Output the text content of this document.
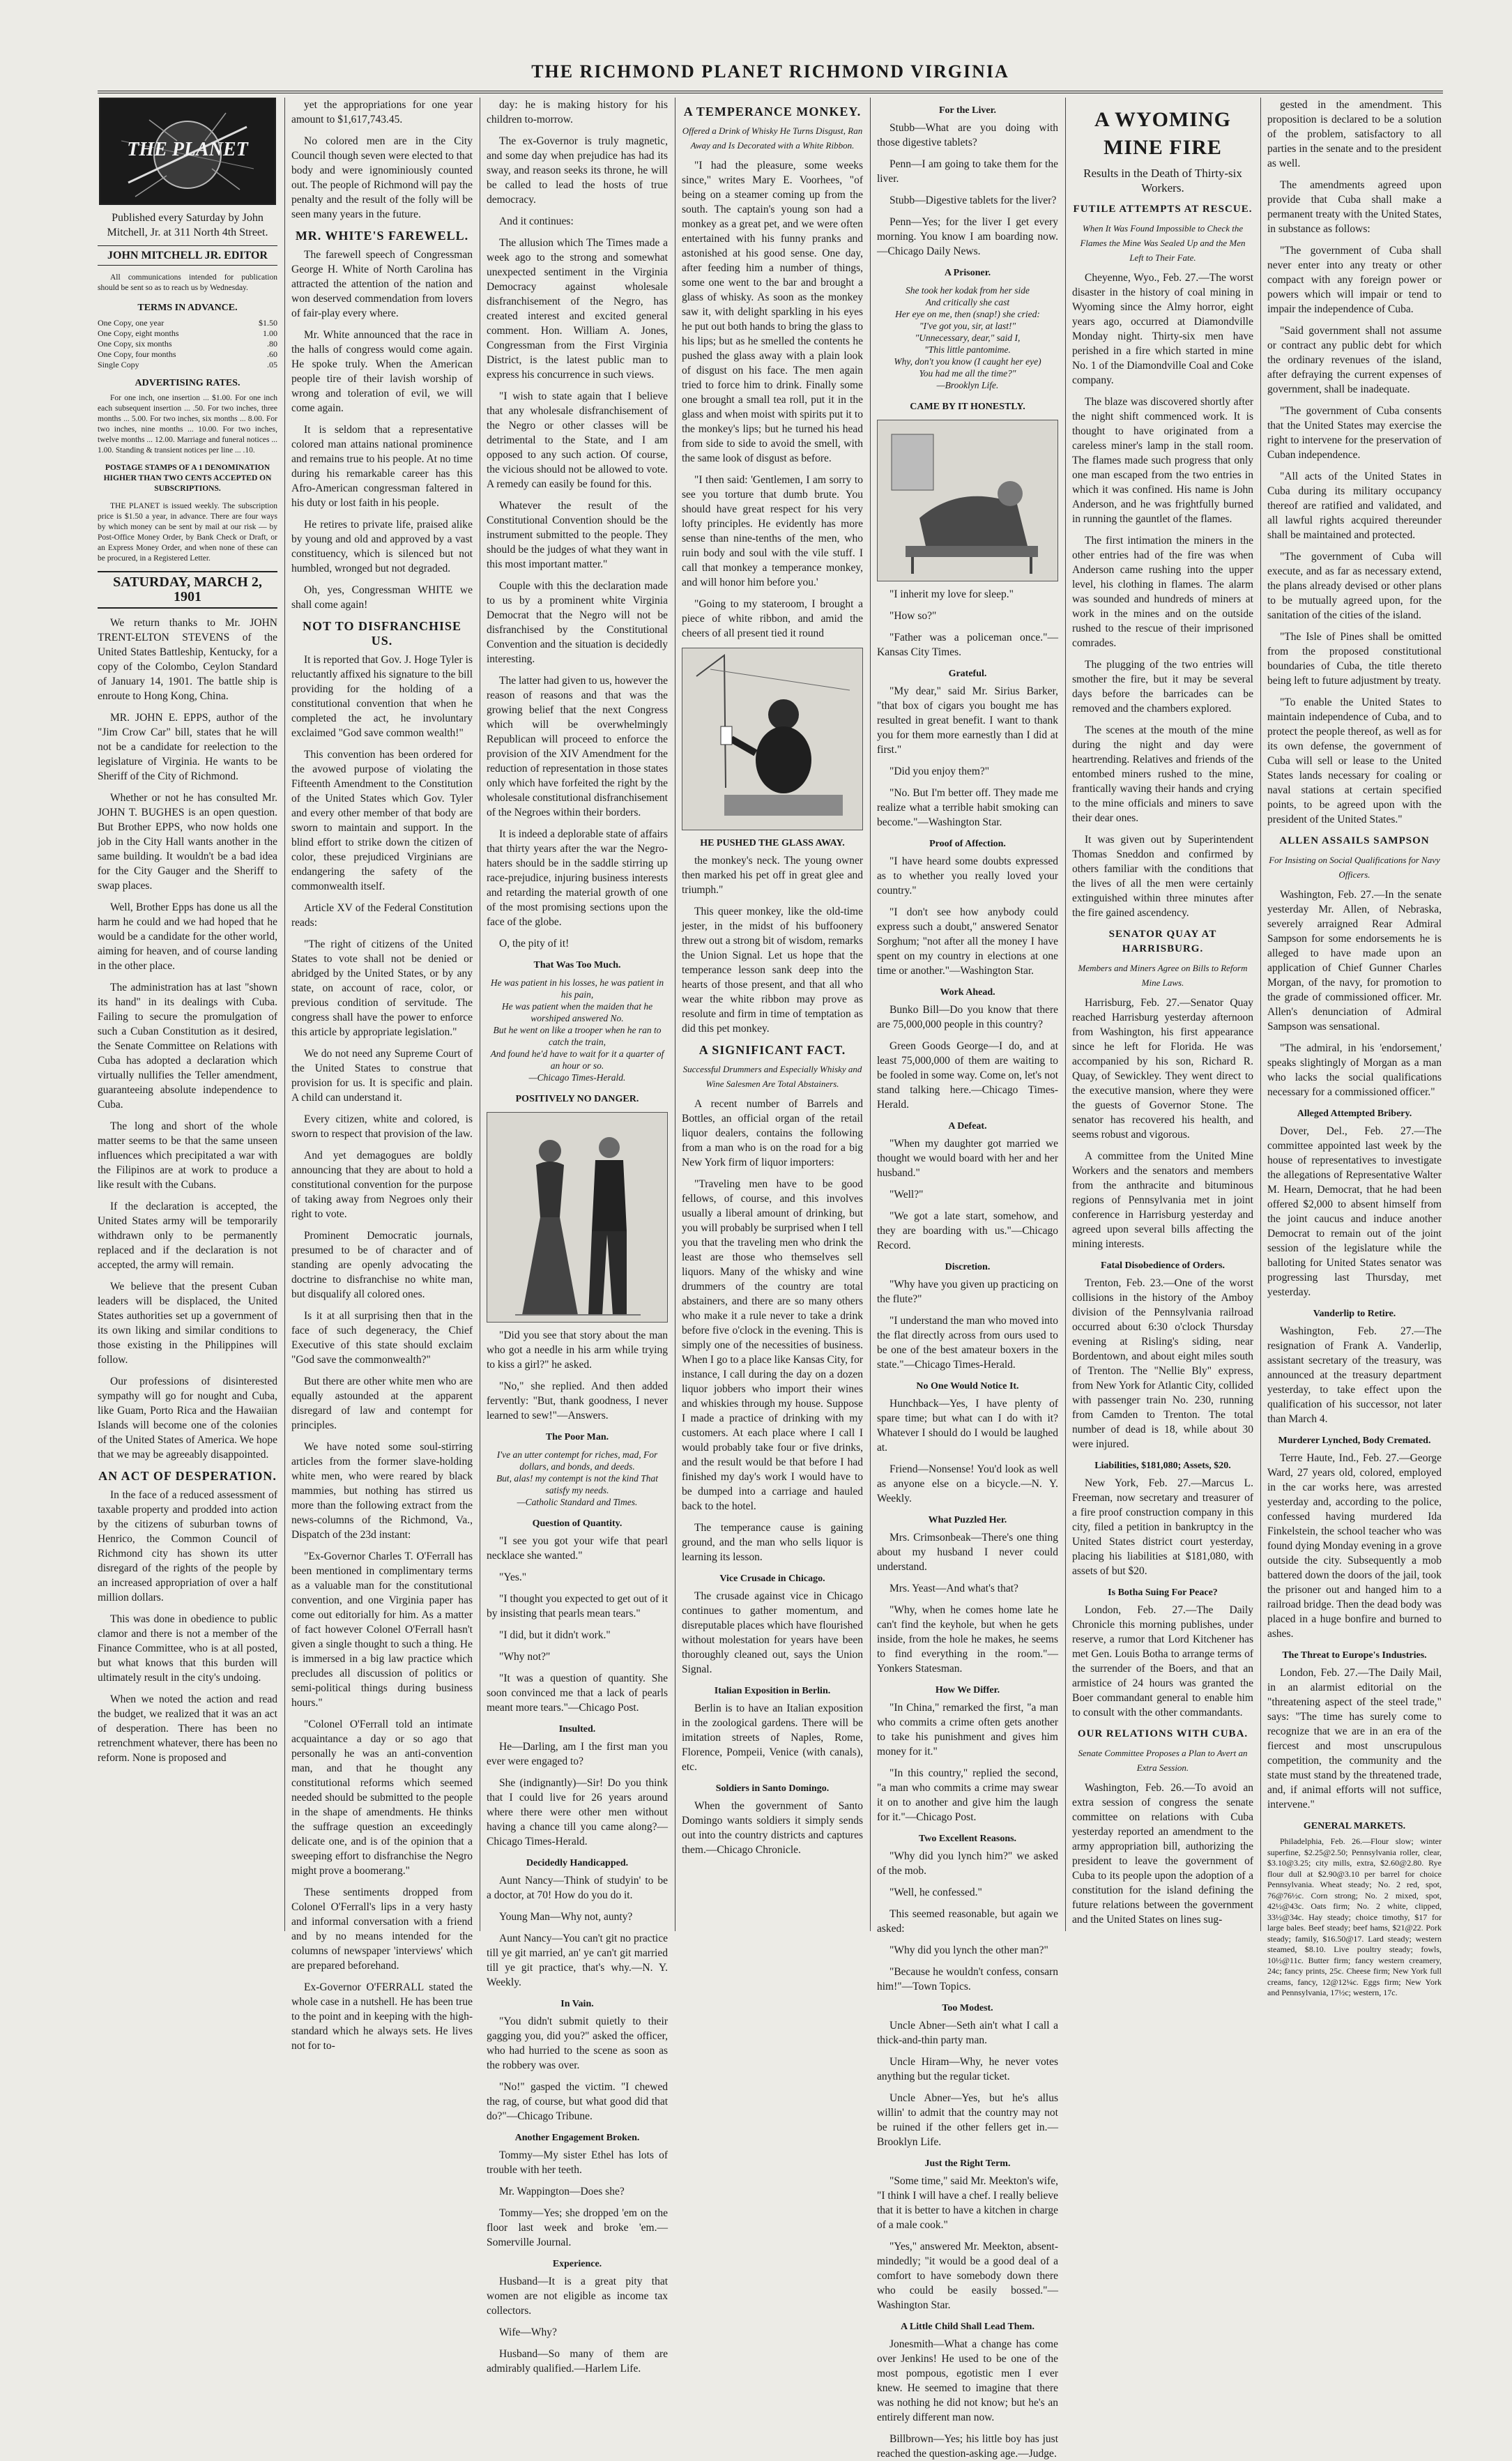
THE RICHMOND PLANET RICHMOND VIRGINIA
THE PLANET
Published every Saturday by John Mitchell, Jr. at 311 North 4th Street.
JOHN MITCHELL JR. EDITOR

All communications intended for publication should be sent so as to reach us by Wednesday.

TERMS IN ADVANCE.
One Copy, one year	$1.50
One Copy, eight months	1.00
One Copy, six months	.80
One Copy, four months	.60
Single Copy	.05
ADVERTISING RATES.

For one inch, one insertion ... $1.00. For one inch each subsequent insertion ... .50. For two inches, three months ... 5.00. For two inches, six months ... 8.00. For two inches, nine months ... 10.00. For two inches, twelve months ... 12.00. Marriage and funeral notices ... 1.00. Standing & transient notices per line ... .10.

POSTAGE STAMPS OF A 1 DENOMINATION HIGHER THAN TWO CENTS ACCEPTED ON SUBSCRIPTIONS.

THE PLANET is issued weekly. The subscription price is $1.50 a year, in advance. There are four ways by which money can be sent by mail at our risk — by Post-Office Money Order, by Bank Check or Draft, or an Express Money Order, and when none of these can be procured, in a Registered Letter.

SATURDAY, MARCH 2, 1901

We return thanks to Mr. JOHN TRENT-ELTON STEVENS of the United States Battleship, Kentucky, for a copy of the Colombo, Ceylon Standard of January 14, 1901. The battle ship is enroute to Hong Kong, China.

MR. JOHN E. EPPS, author of the "Jim Crow Car" bill, states that he will not be a candidate for reelection to the legislature of Virginia. He wants to be Sheriff of the City of Richmond.

Whether or not he has consulted Mr. JOHN T. BUGHES is an open question. But Brother EPPS, who now holds one job in the City Hall wants another in the same building. It wouldn't be a bad idea for the City Gauger and the Sheriff to swap places.

Well, Brother Epps has done us all the harm he could and we had hoped that he would be a candidate for the other world, aiming for heaven, and of course landing in the other place.

The administration has at last "shown its hand" in its dealings with Cuba. Failing to secure the promulgation of such a Cuban Constitution as it desired, the Senate Committee on Relations with Cuba has adopted a declaration which virtually nullifies the Teller amendment, guaranteeing absolute independence to Cuba.

The long and short of the whole matter seems to be that the same unseen influences which precipitated a war with the Filipinos are at work to produce a like result with the Cubans.

If the declaration is accepted, the United States army will be temporarily withdrawn only to be permanently replaced and if the declaration is not accepted, the army will remain.

We believe that the present Cuban leaders will be displaced, the United States authorities set up a government of its own liking and similar conditions to those existing in the Philippines will follow.

Our professions of disinterested sympathy will go for nought and Cuba, like Guam, Porto Rica and the Hawaiian Islands will become one of the colonies of the United States of America. We hope that we may be agreeably disappointed.

AN ACT OF DESPERATION.

In the face of a reduced assessment of taxable property and prodded into action by the citizens of suburban towns of Henrico, the Common Council of Richmond city has shown its utter disregard of the rights of the people by an increased appropriation of over a half million dollars.

This was done in obedience to public clamor and there is not a member of the Finance Committee, who is at all posted, but what knows that this burden will ultimately result in the city's undoing.

When we noted the action and read the budget, we realized that it was an act of desperation. There has been no retrenchment whatever, there has been no reform. None is proposed and

yet the appropriations for one year amount to $1,617,743.45.

No colored men are in the City Council though seven were elected to that body and were ignominiously counted out. The people of Richmond will pay the penalty and the result of the folly will be seen many years in the future.

MR. WHITE'S FAREWELL.

The farewell speech of Congressman George H. White of North Carolina has attracted the attention of the nation and won deserved commendation from lovers of fair-play every where.

Mr. White announced that the race in the halls of congress would come again. He spoke truly. When the American people tire of their lavish worship of wrong and toleration of evil, we will come again.

It is seldom that a representative colored man attains national prominence and remains true to his people. At no time during his remarkable career has this Afro-American congressman faltered in his duty or lost faith in his people.

He retires to private life, praised alike by young and old and approved by a vast constituency, which is silenced but not humbled, wronged but not degraded.

Oh, yes, Congressman WHITE we shall come again!

NOT TO DISFRANCHISE US.

It is reported that Gov. J. Hoge Tyler is reluctantly affixed his signature to the bill providing for the holding of a constitutional convention that when he completed the act, he involuntary exclaimed "God save common wealth!"

This convention has been ordered for the avowed purpose of violating the Fifteenth Amendment to the Constitution of the United States which Gov. Tyler and every other member of that body are sworn to maintain and support. In the blind effort to strike down the citizen of color, these prejudiced Virginians are endangering the safety of the commonwealth itself.

Article XV of the Federal Constitution reads:

"The right of citizens of the United States to vote shall not be denied or abridged by the United States, or by any state, on account of race, color, or previous condition of servitude. The congress shall have the power to enforce this article by appropriate legislation."

We do not need any Supreme Court of the United States to construe that provision for us. It is specific and plain. A child can understand it.

Every citizen, white and colored, is sworn to respect that provision of the law.

And yet demagogues are boldly announcing that they are about to hold a constitutional convention for the purpose of taking away from Negroes only their right to vote.

Prominent Democratic journals, presumed to be of character and of standing are openly advocating the doctrine to disfranchise no white man, but disqualify all colored ones.

Is it at all surprising then that in the face of such degeneracy, the Chief Executive of this state should exclaim "God save the commonwealth?"

But there are other white men who are equally astounded at the apparent disregard of law and contempt for principles.

We have noted some soul-stirring articles from the former slave-holding white men, who were reared by black mammies, but nothing has stirred us more than the following extract from the news-columns of the Richmond, Va., Dispatch of the 23d instant:

"Ex-Governor Charles T. O'Ferrall has been mentioned in complimentary terms as a valuable man for the constitutional convention, and one Virginia paper has come out editorially for him. As a matter of fact however Colonel O'Ferrall hasn't given a single thought to such a thing. He is immersed in a big law practice which precludes all discussion of politics or semi-political things during business hours."

"Colonel O'Ferrall told an intimate acquaintance a day or so ago that personally he was an anti-convention man, and that he thought any constitutional reforms which seemed needed should be submitted to the people in the shape of amendments. He thinks the suffrage question an exceedingly delicate one, and is of the opinion that a sweeping effort to disfranchise the Negro might prove a boomerang."

These sentiments dropped from Colonel O'Ferrall's lips in a very hasty and informal conversation with a friend and by no means intended for the columns of newspaper 'interviews' which are prepared beforehand.

Ex-Governor O'FERRALL stated the whole case in a nutshell. He has been true to the point and in keeping with the high-standard which he always sets. He lives not for to-

day: he is making history for his children to-morrow.

The ex-Governor is truly magnetic, and some day when prejudice has had its sway, and reason seeks its throne, he will be called to lead the hosts of true democracy.

And it continues:

The allusion which The Times made a week ago to the strong and somewhat unexpected sentiment in the Virginia Democracy against wholesale disfranchisement of the Negro, has created interest and excited general comment. Hon. William A. Jones, Congressman from the First Virginia District, is the latest public man to express his concurrence in such views.

"I wish to state again that I believe that any wholesale disfranchisement of the Negro or other classes will be detrimental to the State, and I am opposed to any such action. Of course, the vicious should not be allowed to vote. A remedy can easily be found for this.

Whatever the result of the Constitutional Convention should be the instrument submitted to the people. They should be the judges of what they want in this most important matter."

Couple with this the declaration made to us by a prominent white Virginia Democrat that the Negro will not be disfranchised by the Constitutional Convention and the situation is decidedly interesting.

The latter had given to us, however the reason of reasons and that was the growing belief that the next Congress which will be overwhelmingly Republican will proceed to enforce the provision of the XIV Amendment for the reduction of representation in those states only which have forfeited the right by the wholesale constitutional disfranchisement of the Negroes within their borders.

It is indeed a deplorable state of affairs that thirty years after the war the Negro-haters should be in the saddle stirring up race-prejudice, injuring business interests and retarding the material growth of one of the most promising sections upon the face of the globe.

O, the pity of it!

That Was Too Much.
He was patient in his losses, he was patient in his pain,
He was patient when the maiden that he worshiped answered No.
But he went on like a trooper when he ran to catch the train,
And found he'd have to wait for it a quarter of an hour or so.
—Chicago Times-Herald.
POSITIVELY NO DANGER.

"Did you see that story about the man who got a needle in his arm while trying to kiss a girl?" he asked.

"No," she replied. And then added fervently: "But, thank goodness, I never learned to sew!"—Answers.

The Poor Man.
I've an utter contempt for riches, mad, For dollars, and bonds, and deeds.
But, alas! my contempt is not the kind That satisfy my needs.
—Catholic Standard and Times.
Question of Quantity.

"I see you got your wife that pearl necklace she wanted."

"Yes."

"I thought you expected to get out of it by insisting that pearls mean tears."

"I did, but it didn't work."

"Why not?"

"It was a question of quantity. She soon convinced me that a lack of pearls meant more tears."—Chicago Post.

Insulted.

He—Darling, am I the first man you ever were engaged to?

She (indignantly)—Sir! Do you think that I could live for 26 years around where there were other men without having a chance till you came along?—Chicago Times-Herald.

Decidedly Handicapped.

Aunt Nancy—Think of studyin' to be a doctor, at 70! How do you do it.

Young Man—Why not, aunty?

Aunt Nancy—You can't git no practice till ye git married, an' ye can't git married till ye git practice, that's why.—N. Y. Weekly.

In Vain.

"You didn't submit quietly to their gagging you, did you?" asked the officer, who had hurried to the scene as soon as the robbery was over.

"No!" gasped the victim. "I chewed the rag, of course, but what good did that do?"—Chicago Tribune.

Another Engagement Broken.

Tommy—My sister Ethel has lots of trouble with her teeth.

Mr. Wappington—Does she?

Tommy—Yes; she dropped 'em on the floor last week and broke 'em.—Somerville Journal.

Experience.

Husband—It is a great pity that women are not eligible as income tax collectors.

Wife—Why?

Husband—So many of them are admirably qualified.—Harlem Life.

A TEMPERANCE MONKEY.
Offered a Drink of Whisky He Turns Disgust, Ran Away and Is Decorated with a White Ribbon.

"I had the pleasure, some weeks since," writes Mary E. Voorhees, "of being on a steamer coming up from the south. The captain's young son had a monkey as a great pet, and we were often entertained with his funny pranks and astonished at his good sense. One day, after feeding him a number of things, some one went to the bar and brought a glass of whisky. As soon as the monkey saw it, with delight sparkling in his eyes he put out both hands to bring the glass to his lips; but as he smelled the contents he pushed the glass away with a plain look of disgust on his face. The men again tried to force him to drink. Finally some one brought a small tea roll, put it in the glass and when moist with spirits put it to the monkey's lips; but he turned his head from side to side to avoid the smell, with the same look of disgust as before.

"I then said: 'Gentlemen, I am sorry to see you torture that dumb brute. You should have great respect for his very lofty principles. He evidently has more sense than nine-tenths of the men, who ruin body and soul with the vile stuff. I call that monkey a temperance monkey, and will honor him before you.'

"Going to my stateroom, I brought a piece of white ribbon, and amid the cheers of all present tied it round

HE PUSHED THE GLASS AWAY.

the monkey's neck. The young owner then marked his pet off in great glee and triumph."

This queer monkey, like the old-time jester, in the midst of his buffoonery threw out a strong bit of wisdom, remarks the Union Signal. Let us hope that the temperance lesson sank deep into the hearts of those present, and that all who wear the white ribbon may prove as resolute and firm in time of temptation as did this pet monkey.

A SIGNIFICANT FACT.
Successful Drummers and Especially Whisky and Wine Salesmen Are Total Abstainers.

A recent number of Barrels and Bottles, an official organ of the retail liquor dealers, contains the following from a man who is on the road for a big New York firm of liquor importers:

"Traveling men have to be good fellows, of course, and this involves usually a liberal amount of drinking, but you will probably be surprised when I tell you that the traveling men who drink the least are those who themselves sell liquors. Many of the whisky and wine drummers of the country are total abstainers, and there are so many others who make it a rule never to take a drink before five o'clock in the evening. This is simply one of the necessities of business. When I go to a place like Kansas City, for instance, I call during the day on a dozen liquor jobbers who import their wines and whiskies through my house. Suppose I made a practice of drinking with my customers. At each place where I call I would probably take four or five drinks, and the result would be that before I had finished my day's work I would have to be dumped into a carriage and hauled back to the hotel.

The temperance cause is gaining ground, and the man who sells liquor is learning its lesson.

Vice Crusade in Chicago.

The crusade against vice in Chicago continues to gather momentum, and disreputable places which have flourished without molestation for years have been thoroughly cleaned out, says the Union Signal.

Italian Exposition in Berlin.

Berlin is to have an Italian exposition in the zoological gardens. There will be imitation streets of Naples, Rome, Florence, Pompeii, Venice (with canals), etc.

Soldiers in Santo Domingo.

When the government of Santo Domingo wants soldiers it simply sends out into the country districts and captures them.—Chicago Chronicle.

For the Liver.

Stubb—What are you doing with those digestive tablets?

Penn—I am going to take them for the liver.

Stubb—Digestive tablets for the liver?

Penn—Yes; for the liver I get every morning. You know I am boarding now.—Chicago Daily News.

A Prisoner.
She took her kodak from her side
And critically she cast
Her eye on me, then (snap!) she cried:
"I've got you, sir, at last!"
"Unnecessary, dear," said I,
"This little pantomime.
Why, don't you know (I caught her eye)
You had me all the time?"
—Brooklyn Life.
CAME BY IT HONESTLY.

"I inherit my love for sleep."

"How so?"

"Father was a policeman once."—Kansas City Times.

Grateful.

"My dear," said Mr. Sirius Barker, "that box of cigars you bought me has resulted in great benefit. I want to thank you for them more earnestly than I did at first."

"Did you enjoy them?"

"No. But I'm better off. They made me realize what a terrible habit smoking can become."—Washington Star.

Proof of Affection.

"I have heard some doubts expressed as to whether you really loved your country."

"I don't see how anybody could express such a doubt," answered Senator Sorghum; "not after all the money I have spent on my country in elections at one time or another."—Washington Star.

Work Ahead.

Bunko Bill—Do you know that there are 75,000,000 people in this country?

Green Goods George—I do, and at least 75,000,000 of them are waiting to be fooled in some way. Come on, let's not stand talking here.—Chicago Times-Herald.

A Defeat.

"When my daughter got married we thought we would board with her and her husband."

"Well?"

"We got a late start, somehow, and they are boarding with us."—Chicago Record.

Discretion.

"Why have you given up practicing on the flute?"

"I understand the man who moved into the flat directly across from ours used to be one of the best amateur boxers in the state."—Chicago Times-Herald.

No One Would Notice It.

Hunchback—Yes, I have plenty of spare time; but what can I do with it? Whatever I should do I would be laughed at.

Friend—Nonsense! You'd look as well as anyone else on a bicycle.—N. Y. Weekly.

What Puzzled Her.

Mrs. Crimsonbeak—There's one thing about my husband I never could understand.

Mrs. Yeast—And what's that?

"Why, when he comes home late he can't find the keyhole, but when he gets inside, from the hole he makes, he seems to find everything in the room."—Yonkers Statesman.

How We Differ.

"In China," remarked the first, "a man who commits a crime often gets another to take his punishment and gives him money for it."

"In this country," replied the second, "a man who commits a crime may swear it on to another and give him the laugh for it."—Chicago Post.

Two Excellent Reasons.

"Why did you lynch him?" we asked of the mob.

"Well, he confessed."

This seemed reasonable, but again we asked:

"Why did you lynch the other man?"

"Because he wouldn't confess, consarn him!"—Town Topics.

Too Modest.

Uncle Abner—Seth ain't what I call a thick-and-thin party man.

Uncle Hiram—Why, he never votes anything but the regular ticket.

Uncle Abner—Yes, but he's allus willin' to admit that the country may not be ruined if the other fellers get in.—Brooklyn Life.

Just the Right Term.

"Some time," said Mr. Meekton's wife, "I think I will have a chef. I really believe that it is better to have a kitchen in charge of a male cook."

"Yes," answered Mr. Meekton, absent-mindedly; "it would be a good deal of a comfort to have somebody down there who could be easily bossed."—Washington Star.

A Little Child Shall Lead Them.

Jonesmith—What a change has come over Jenkins! He used to be one of the most pompous, egotistic men I ever knew. He seemed to imagine that there was nothing he did not know; but he's an entirely different man now.

Billbrown—Yes; his little boy has just reached the question-asking age.—Judge.

A WYOMING MINE FIRE
Results in the Death of Thirty-six Workers.
FUTILE ATTEMPTS AT RESCUE.
When It Was Found Impossible to Check the Flames the Mine Was Sealed Up and the Men Left to Their Fate.

Cheyenne, Wyo., Feb. 27.—The worst disaster in the history of coal mining in Wyoming since the Almy horror, eight years ago, occurred at Diamondville Monday night. Thirty-six men have perished in a fire which started in mine No. 1 of the Diamondville Coal and Coke company.

The blaze was discovered shortly after the night shift commenced work. It is thought to have originated from a careless miner's lamp in the stall room. The flames made such progress that only one man escaped from the two entries in which it was confined. His name is John Anderson, and he was frightfully burned in running the gauntlet of the flames.

The first intimation the miners in the other entries had of the fire was when Anderson came rushing into the upper level, his clothing in flames. The alarm was sounded and hundreds of miners at work in the mines and on the outside rushed to the rescue of their imprisoned comrades.

The plugging of the two entries will smother the fire, but it may be several days before the barricades can be removed and the chambers explored.

The scenes at the mouth of the mine during the night and day were heartrending. Relatives and friends of the entombed miners rushed to the mine, frantically waving their hands and crying to the mine officials and miners to save their dear ones.

It was given out by Superintendent Thomas Sneddon and confirmed by others familiar with the conditions that the lives of all the men were certainly extinguished within three minutes after the fire gained ascendency.

SENATOR QUAY AT HARRISBURG.
Members and Miners Agree on Bills to Reform Mine Laws.

Harrisburg, Feb. 27.—Senator Quay reached Harrisburg yesterday afternoon from Washington, his first appearance since he left for Florida. He was accompanied by his son, Richard R. Quay, of Sewickley. They went direct to the executive mansion, where they were the guests of Governor Stone. The senator has recovered his health, and seems robust and vigorous.

A committee from the United Mine Workers and the senators and members from the anthracite and bituminous regions of Pennsylvania met in joint conference in Harrisburg yesterday and agreed upon several bills affecting the mining interests.

Fatal Disobedience of Orders.

Trenton, Feb. 23.—One of the worst collisions in the history of the Amboy division of the Pennsylvania railroad occurred about 6:30 o'clock Thursday evening at Risling's siding, near Bordentown, and about eight miles south of Trenton. The "Nellie Bly" express, from New York for Atlantic City, collided with passenger train No. 230, running from Camden to Trenton. The total number of dead is 18, while about 30 were injured.

Liabilities, $181,080; Assets, $20.

New York, Feb. 27.—Marcus L. Freeman, now secretary and treasurer of a fire proof construction company in this city, filed a petition in bankruptcy in the United States district court yesterday, placing his liabilities at $181,080, with assets of but $20.

Is Botha Suing For Peace?

London, Feb. 27.—The Daily Chronicle this morning publishes, under reserve, a rumor that Lord Kitchener has met Gen. Louis Botha to arrange terms of the surrender of the Boers, and that an armistice of 24 hours was granted the Boer commandant general to enable him to consult with the other commandants.

OUR RELATIONS WITH CUBA.
Senate Committee Proposes a Plan to Avert an Extra Session.

Washington, Feb. 26.—To avoid an extra session of congress the senate committee on relations with Cuba yesterday reported an amendment to the army appropriation bill, authorizing the president to leave the government of Cuba to its people upon the adoption of a constitution for the island defining the future relations between the government and the United States on lines sug-

gested in the amendment. This proposition is declared to be a solution of the problem, satisfactory to all parties in the senate and to the president as well.

The amendments agreed upon provide that Cuba shall make a permanent treaty with the United States, in substance as follows:

"The government of Cuba shall never enter into any treaty or other compact with any foreign power or powers which will impair or tend to impair the independence of Cuba.

"Said government shall not assume or contract any public debt for which the ordinary revenues of the island, after defraying the current expenses of government, shall be inadequate.

"The government of Cuba consents that the United States may exercise the right to intervene for the preservation of Cuban independence.

"All acts of the United States in Cuba during its military occupancy thereof are ratified and validated, and all lawful rights acquired thereunder shall be maintained and protected.

"The government of Cuba will execute, and as far as necessary extend, the plans already devised or other plans to be mutually agreed upon, for the sanitation of the cities of the island.

"The Isle of Pines shall be omitted from the proposed constitutional boundaries of Cuba, the title thereto being left to future adjustment by treaty.

"To enable the United States to maintain independence of Cuba, and to protect the people thereof, as well as for its own defense, the government of Cuba will sell or lease to the United States lands necessary for coaling or naval stations at certain specified points, to be agreed upon with the president of the United States."

ALLEN ASSAILS SAMPSON
For Insisting on Social Qualifications for Navy Officers.

Washington, Feb. 27.—In the senate yesterday Mr. Allen, of Nebraska, severely arraigned Rear Admiral Sampson for some endorsements he is alleged to have made upon an application of Chief Gunner Charles Morgan, of the navy, for promotion to the grade of commissioned officer. Mr. Allen's denunciation of Admiral Sampson was sensational.

"The admiral, in his 'endorsement,' speaks slightingly of Morgan as a man who lacks the social qualifications necessary for a commissioned officer."

Alleged Attempted Bribery.

Dover, Del., Feb. 27.—The committee appointed last week by the house of representatives to investigate the allegations of Representative Walter M. Hearn, Democrat, that he had been offered $2,000 to absent himself from the joint caucus and induce another Democrat to remain out of the joint session of the legislature while the balloting for United States senator was progressing last Thursday, met yesterday.

Vanderlip to Retire.

Washington, Feb. 27.—The resignation of Frank A. Vanderlip, assistant secretary of the treasury, was announced at the treasury department yesterday, to take effect upon the qualification of his successor, not later than March 4.

Murderer Lynched, Body Cremated.

Terre Haute, Ind., Feb. 27.—George Ward, 27 years old, colored, employed in the car works here, was arrested yesterday and, according to the police, confessed having murdered Ida Finkelstein, the school teacher who was found dying Monday evening in a grove outside the city. Subsequently a mob battered down the doors of the jail, took the prisoner out and hanged him to a railroad bridge. Then the dead body was placed in a huge bonfire and burned to ashes.

The Threat to Europe's Industries.

London, Feb. 27.—The Daily Mail, in an alarmist editorial on the "threatening aspect of the steel trade," says: "The time has surely come to recognize that we are in an era of the fiercest and most unscrupulous competition, the community and the state must stand by the threatened trade, and, if animal efforts will not suffice, intervene."

GENERAL MARKETS.

Philadelphia, Feb. 26.—Flour slow; winter superfine, $2.25@2.50; Pennsylvania roller, clear, $3.10@3.25; city mills, extra, $2.60@2.80. Rye flour dull at $2.90@3.10 per barrel for choice Pennsylvania. Wheat steady; No. 2 red, spot, 76@76½c. Corn strong; No. 2 mixed, spot, 42½@43c. Oats firm; No. 2 white, clipped, 33½@34c. Hay steady; choice timothy, $17 for large bales. Beef steady; beef hams, $21@22. Pork steady; family, $16.50@17. Lard steady; western steamed, $8.10. Live poultry steady; fowls, 10½@11c. Butter firm; fancy western creamery, 24c; fancy prints, 25c. Cheese firm; New York full creams, fancy, 12@12¼c. Eggs firm; New York and Pennsylvania, 17½c; western, 17c.
